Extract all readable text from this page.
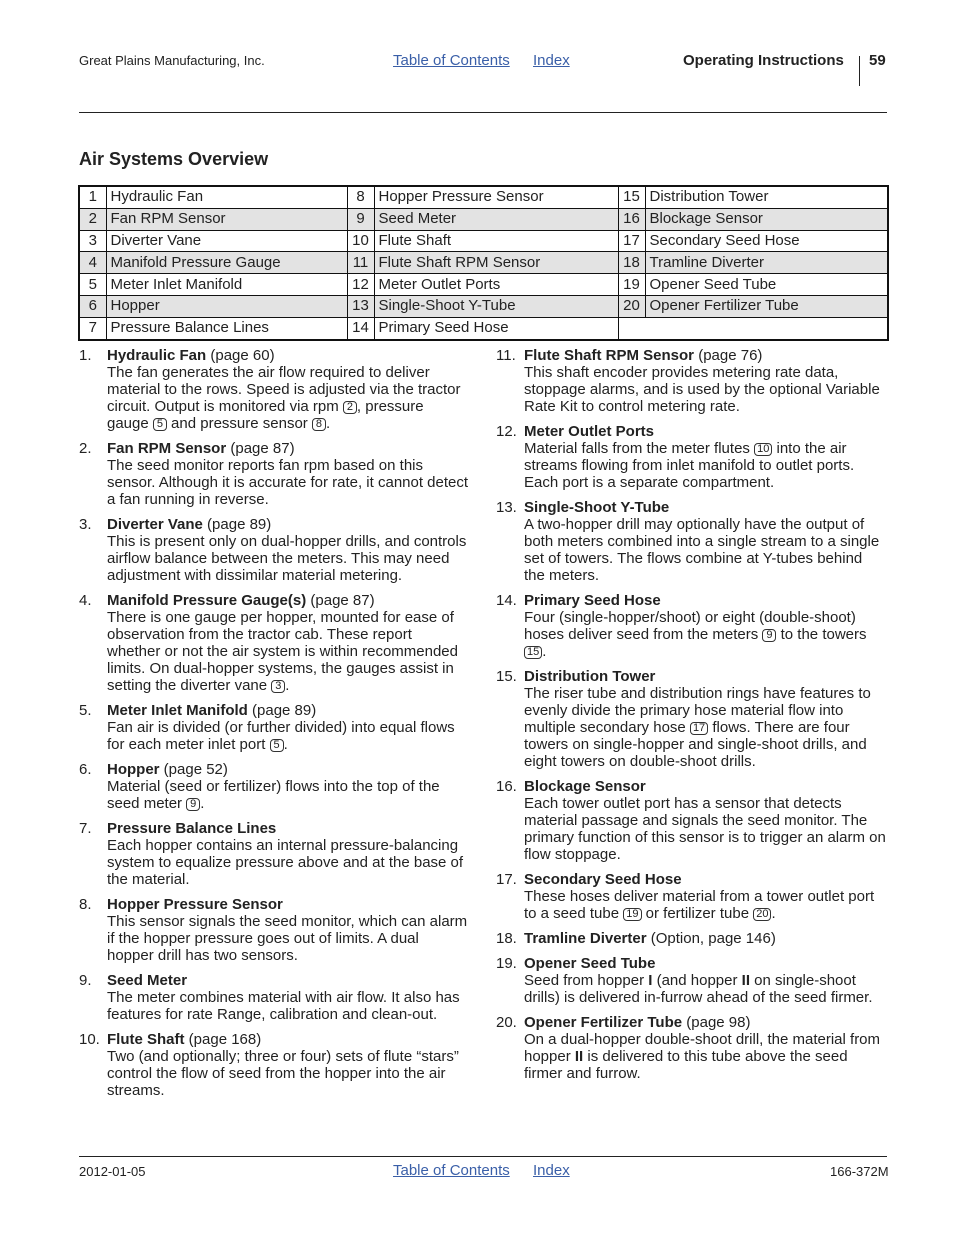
Great Plains Manufacturing, Inc.	Table of Contents Index	Operating Instructions 59
Air Systems Overview
1	Hydraulic Fan	8	Hopper Pressure Sensor	15	Distribution Tower
2	Fan RPM Sensor	9	Seed Meter	16	Blockage Sensor
3	Diverter Vane	10	Flute Shaft	17	Secondary Seed Hose
4	Manifold Pressure Gauge	11	Flute Shaft RPM Sensor	18	Tramline Diverter
5	Meter Inlet Manifold	12	Meter Outlet Ports	19	Opener Seed Tube
6	Hopper	13	Single-Shoot Y-Tube	20	Opener Fertilizer Tube
7	Pressure Balance Lines	14	Primary Seed Hose		
1. Hydraulic Fan (page 60)
The fan generates the air flow required to deliver material to the rows. Speed is adjusted via the tractor circuit. Output is monitored via rpm 2 , pressure gauge 5 and pressure sensor 8 .
2. Fan RPM Sensor (page 87)
The seed monitor reports fan rpm based on this sensor. Although it is accurate for rate, it cannot detect a fan running in reverse.
3. Diverter Vane (page 89)
This is present only on dual-hopper drills, and controls airflow balance between the meters. This may need adjustment with dissimilar material metering.
4. Manifold Pressure Gauge(s) (page 87)
There is one gauge per hopper, mounted for ease of observation from the tractor cab. These report whether or not the air system is within recommended limits. On dual-hopper systems, the gauges assist in setting the diverter vane 3 .
5. Meter Inlet Manifold (page 89)
Fan air is divided (or further divided) into equal flows for each meter inlet port 5 .
6. Hopper (page 52)
Material (seed or fertilizer) flows into the top of the seed meter 9 .
7. Pressure Balance Lines
Each hopper contains an internal pressure-balancing system to equalize pressure above and at the base of the material.
8. Hopper Pressure Sensor
This sensor signals the seed monitor, which can alarm if the hopper pressure goes out of limits. A dual hopper drill has two sensors.
9. Seed Meter
The meter combines material with air flow. It also has features for rate Range, calibration and clean-out.
10. Flute Shaft (page 168)
Two (and optionally; three or four) sets of flute “stars” control the flow of seed from the hopper into the air streams.
11. Flute Shaft RPM Sensor (page 76)
This shaft encoder provides metering rate data, stoppage alarms, and is used by the optional Variable Rate Kit to control metering rate.
12. Meter Outlet Ports
Material falls from the meter flutes 10 into the air streams flowing from inlet manifold to outlet ports. Each port is a separate compartment.
13. Single-Shoot Y-Tube
A two-hopper drill may optionally have the output of both meters combined into a single stream to a single set of towers. The flows combine at Y-tubes behind the meters.
14. Primary Seed Hose
Four (single-hopper/shoot) or eight (double-shoot) hoses deliver seed from the meters 9 to the towers 15 .
15. Distribution Tower
The riser tube and distribution rings have features to evenly divide the primary hose material flow into multiple secondary hose 17 flows. There are four towers on single-hopper and single-shoot drills, and eight towers on double-shoot drills.
16. Blockage Sensor
Each tower outlet port has a sensor that detects material passage and signals the seed monitor. The primary function of this sensor is to trigger an alarm on flow stoppage.
17. Secondary Seed Hose
These hoses deliver material from a tower outlet port to a seed tube 19 or fertilizer tube 20 .
18. Tramline Diverter (Option, page 146)
19. Opener Seed Tube
Seed from hopper I (and hopper II on single-shoot drills) is delivered in-furrow ahead of the seed firmer.
20. Opener Fertilizer Tube (page 98)
On a dual-hopper double-shoot drill, the material from hopper II is delivered to this tube above the seed firmer and furrow.
2012-01-05	Table of Contents Index	166-372M
